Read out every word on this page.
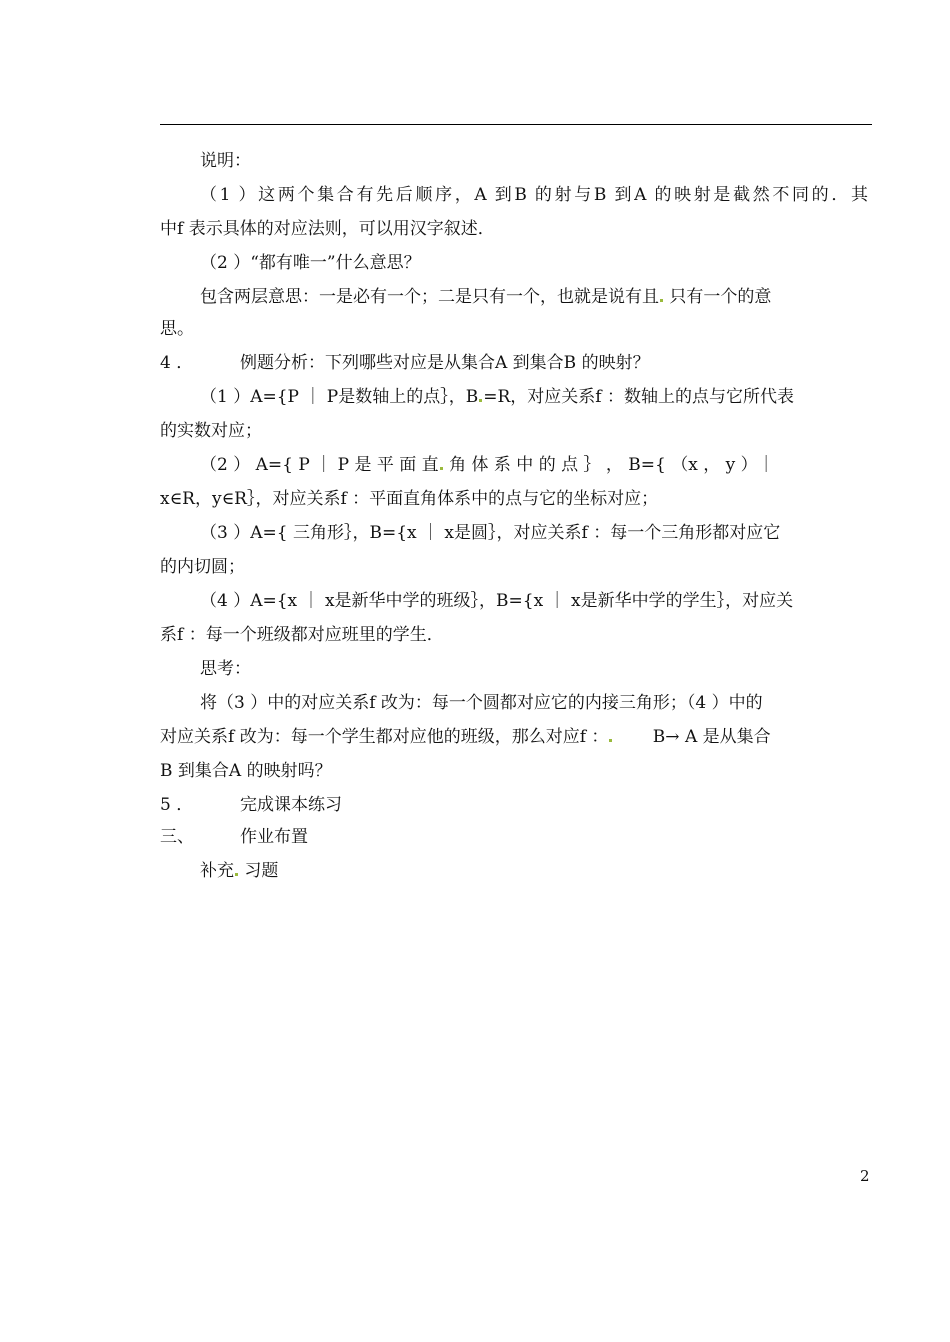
说明：
（1 ）这两个集合有先后顺序，A 到B 的射与B 到A 的映射是截然不同的．其
中f 表示具体的对应法则，可以用汉字叙述．
（2 ）“都有唯一”什么意思？
包含两层意思：一是必有一个；二是只有一个，也就是说有且 只有一个的意
思。
4 ．	例题分析：下列哪些对应是从集合A 到集合B 的映射？
（1 ）A={P ｜ P是数轴上的点｝，B =R，对应关系f ：数轴上的点与它所代表
的实数对应；
（2 ） A={ P ｜ P 是 平 面 直 角 体 系 中 的 点 ｝ ， B={ （x ， y ）｜
x∈R，y∈R｝，对应关系f ：平面直角体系中的点与它的坐标对应；
（3 ）A={ 三角形｝，B={x ｜ x是圆｝，对应关系f ：每一个三角形都对应它
的内切圆；
（4 ）A={x ｜ x是新华中学的班级｝，B={x ｜ x是新华中学的学生｝，对应关
系f ：每一个班级都对应班里的学生．
思考：
将（3 ）中的对应关系f 改为：每一个圆都对应它的内接三角形；（4 ）中的
对应关系f 改为：每一个学生都对应他的班级，那么对应f ：	B→ A 是从集合
B 到集合A 的映射吗？
5 ．	完成课本练习
三、	作业布置
补充 习题
2
